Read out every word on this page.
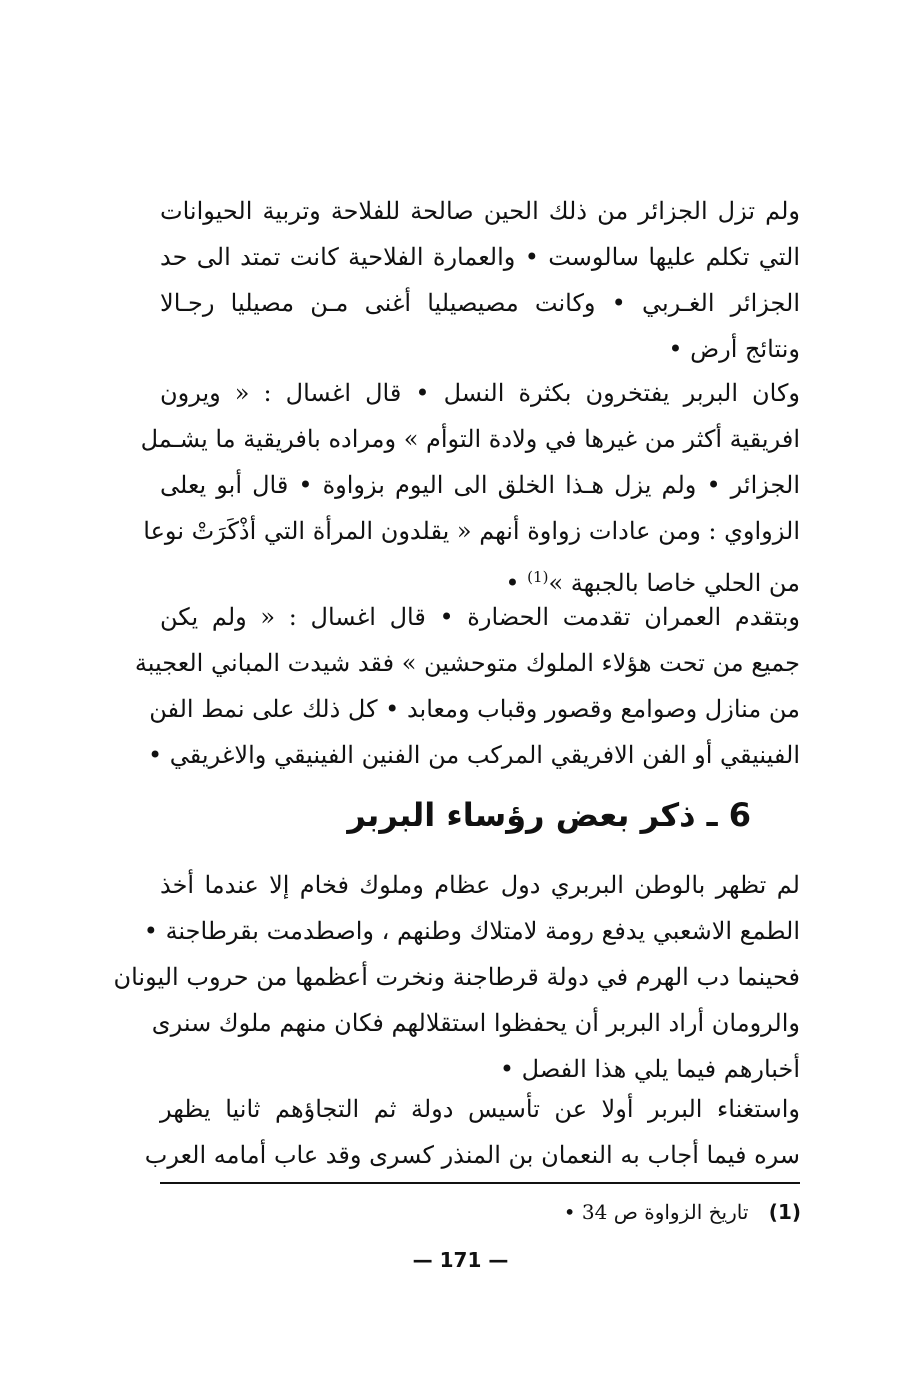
ولم تزل الجزائر من ذلك الحين صالحة للفلاحة وتربية الحيوانات
التي تكلم عليها سالوست • والعمارة الفلاحية كانت تمتد الى حد
الجزائر الغـربي • وكانت مصيصيليا أغنى مـن مصيليا رجـالا
ونتائج أرض •
وكان البربر يفتخرون بكثرة النسل • قال اغسال : « ويرون
افريقية أكثر من غيرها في ولادة التوأم » ومراده بافريقية ما يشـمل
الجزائر • ولم يزل هـذا الخلق الى اليوم بزواوة • قال أبو يعلى
الزواوي : ومن عادات زواوة أنهم « يقلدون المرأة التي أذْكَرَتْ نوعا
من الحلي خاصا بالجبهة »$^{(1)}$ •
وبتقدم العمران تقدمت الحضارة • قال اغسال : « ولم يكن
جميع من تحت هؤلاء الملوك متوحشين » فقد شيدت المباني العجيبة
من منازل وصوامع وقصور وقباب ومعابد • كل ذلك على نمط الفن
الفينيقي أو الفن الافريقي المركب من الفنين الفينيقي والاغريقي •
6 ـ ذكر بعض رؤساء البربر
لم تظهر بالوطن البربري دول عظام وملوك فخام إلا عندما أخذ
الطمع الاشعبي يدفع رومة لامتلاك وطنهم ، واصطدمت بقرطاجنة •
فحينما دب الهرم في دولة قرطاجنة ونخرت أعظمها من حروب اليونان
والرومان أراد البربر أن يحفظوا استقلالهم فكان منهم ملوك سنرى
أخبارهم فيما يلي هذا الفصل •
واستغناء البربر أولا عن تأسيس دولة ثم التجاؤهم ثانيا يظهر
سره فيما أجاب به النعمان بن المنذر كسرى وقد عاب أمامه العرب
(1) تاريخ الزواوة ص 34 •
— 171 —
